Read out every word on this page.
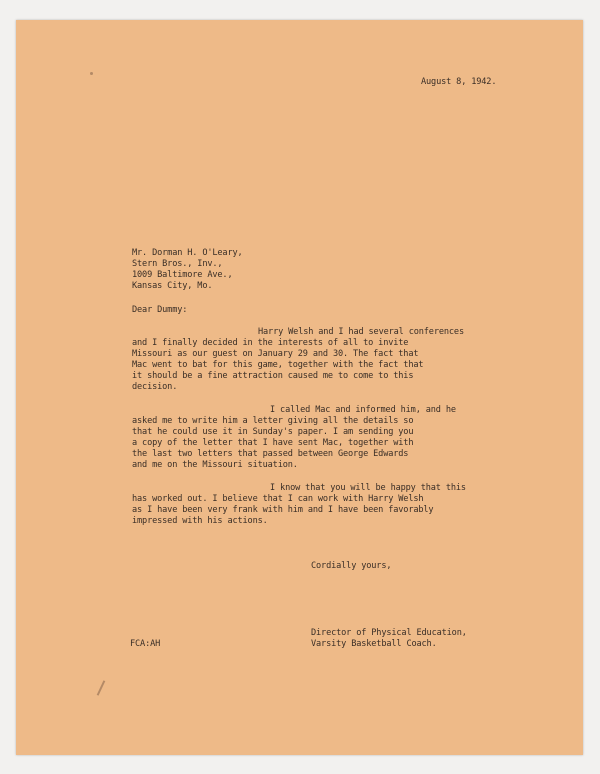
August 8, 1942.
Mr. Dorman H. O'Leary,
Stern Bros., Inv.,
1009 Baltimore Ave.,
Kansas City, Mo.
Dear Dummy:
Harry Welsh and I had several conferences
and I finally decided in the interests of all to invite
Missouri as our guest on January 29 and 30. The fact that
Mac went to bat for this game, together with the fact that
it should be a fine attraction caused me to come to this
decision.
I called Mac and informed him, and he
asked me to write him a letter giving all the details so
that he could use it in Sunday's paper. I am sending you
a copy of the letter that I have sent Mac, together with
the last two letters that passed between George Edwards
and me on the Missouri situation.
I know that you will be happy that this
has worked out. I believe that I can work with Harry Welsh
as I have been very frank with him and I have been favorably
impressed with his actions.
Cordially yours,
FCA:AH
Director of Physical Education,
Varsity Basketball Coach.
